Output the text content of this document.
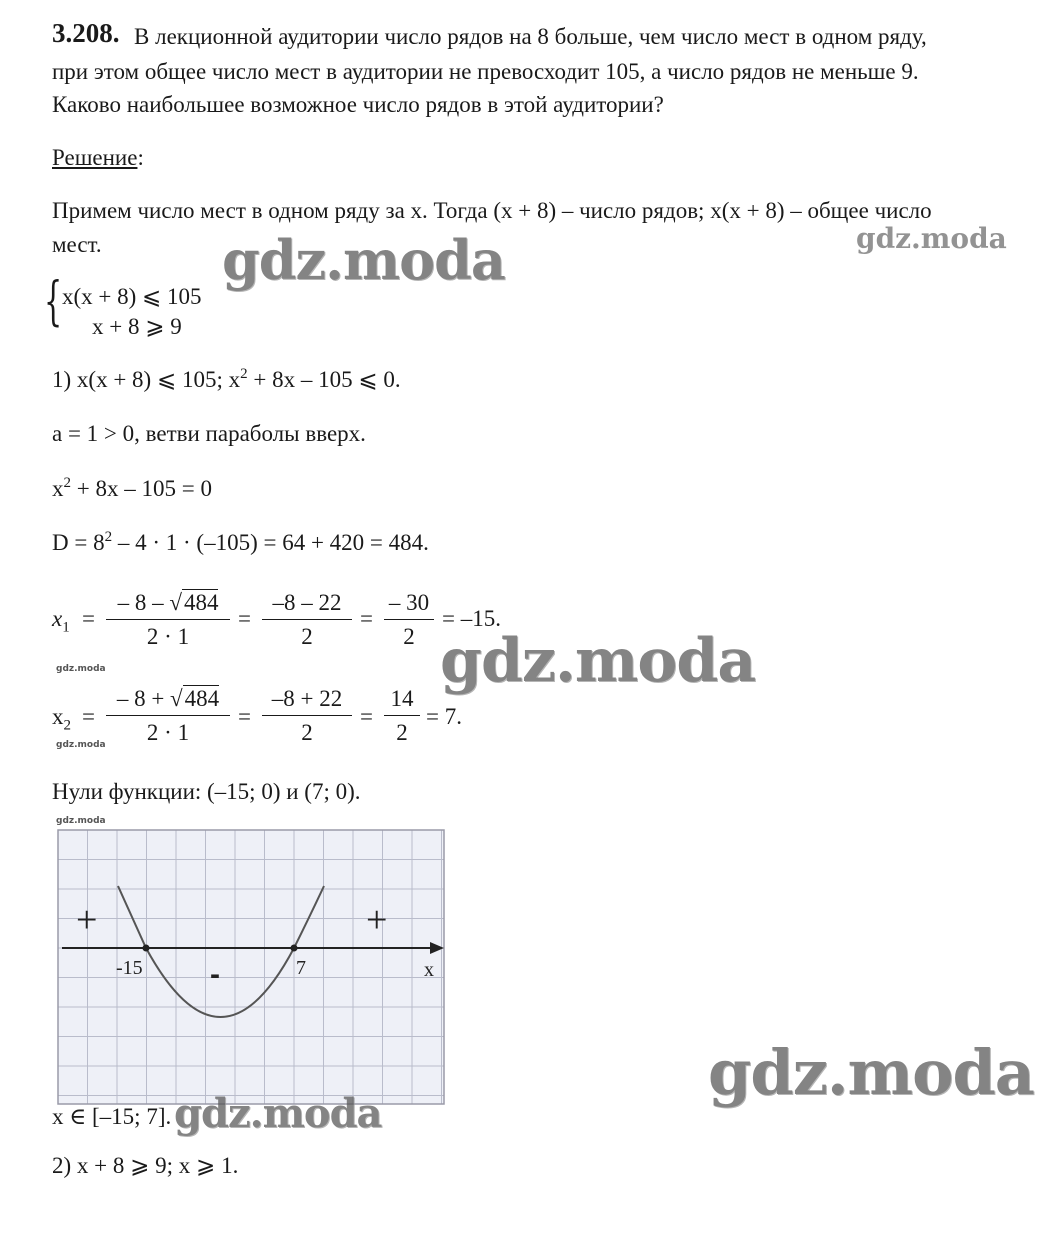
3.208. В лекционной аудитории число рядов на 8 больше, чем число мест в одном ряду,
при этом общее число мест в аудитории не превосходит 105, а число рядов не меньше 9.
Каково наибольшее возможное число рядов в этой аудитории?
Решение:
Примем число мест в одном ряду за x. Тогда (x + 8) – число рядов; x(x + 8) – общее число
мест.
{ x(x + 8) ⩽ 105
x + 8 ⩾ 9
1) x(x + 8) ⩽ 105; $x^2 + 8x - 105$ ⩽ 0.
a = 1 > 0, ветви параболы вверх.
$x^2 + 8x - 105 = 0$
$D = 8^2 - 4 \cdot 1 \cdot (-105) = 64 + 420 = 484$.
$x_1 = \frac{- 8 - √484}{2 \cdot 1} = \frac{-8 - 22}{2} = \frac{- 30}{2} = -15$.
$x_2 = \frac{- 8 + √484}{2 \cdot 1} = \frac{-8 + 22}{2} = \frac{14}{2} = 7$.
Нули функции: (–15; 0) и (7; 0).
+	+
-
-15	7	x
x ∈ [–15; 7].
2) x + 8 ⩾ 9; x ⩾ 1.
gdz.moda	gdz.moda
gdz.moda
gdz.moda
gdz.moda
gdz.moda
gdz.moda
gdz.moda
